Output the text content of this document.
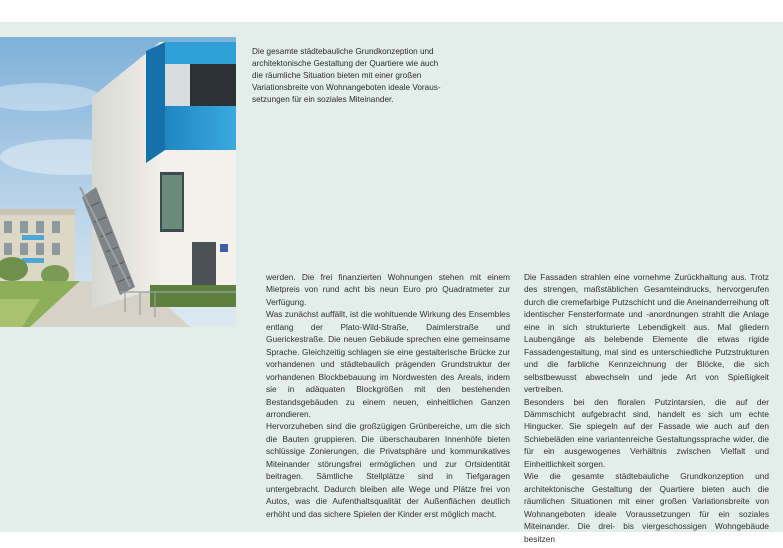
Die gesamte städtebauliche Grundkonzeption und

architektonische Gestaltung der Quartiere wie auch

die räumliche Situation bieten mit einer großen

Variationsbreite von Wohnangeboten ideale Voraus-

setzungen für ein soziales Miteinander.

werden. Die frei finanzierten Wohnungen stehen mit einem Mietpreis von rund acht bis neun Euro pro Quadratmeter zur Verfügung.

Was zunächst auffällt, ist die wohltuende Wirkung des Ensembles entlang der Plato-Wild-Straße, Daimlerstraße und Guerickestraße. Die neuen Gebäude sprechen eine gemeinsame Sprache. Gleichzeitig schlagen sie eine gestalterische Brücke zur vorhandenen und städtebaulich prägenden Grundstruktur der vorhandenen Blockbebauung im Nordwesten des Areals, indem sie in adäquaten Blockgrößen mit den bestehenden Bestandsgebäuden zu einem neuen, einheitlichen Ganzen arrondieren.

Hervorzuheben sind die großzügigen Grünbereiche, um die sich die Bauten gruppieren. Die überschaubaren Innenhöfe bieten schlüssige Zonierungen, die Privatsphäre und kommunikatives Miteinander störungsfrei ermöglichen und zur Ortsidentität beitragen. Sämtliche Stellplätze sind in Tiefgaragen untergebracht. Dadurch bleiben alle Wege und Plätze frei von Autos, was die Aufenthaltsqualität der Außenflächen deutlich erhöht und das sichere Spielen der Kinder erst möglich macht.

Die Fassaden strahlen eine vornehme Zurückhaltung aus. Trotz des strengen, maßstäblichen Gesamteindrucks, hervorgerufen durch die cremefarbige Putzschicht und die Aneinanderreihung oft identischer Fensterformate und -anordnungen strahlt die Anlage eine in sich strukturierte Lebendigkeit aus. Mal gliedern Laubengänge als belebende Elemente die etwas rigide Fassadengestaltung, mal sind es unterschiedliche Putzstrukturen und die farbliche Kennzeichnung der Blöcke, die sich selbstbewusst abwechseln und jede Art von Spießigkeit vertreiben.

Besonders bei den floralen Putzintarsien, die auf der Dämmschicht aufgebracht sind, handelt es sich um echte Hingucker. Sie spiegeln auf der Fassade wie auch auf den Schiebeläden eine variantenreiche Gestaltungssprache wider, die für ein ausgewogenes Verhältnis zwischen Vielfalt und Einheitlichkeit sorgen.

Wie die gesamte städtebauliche Grundkonzeption und architektonische Gestaltung der Quartiere bieten auch die räumlichen Situationen mit einer großen Variationsbreite von Wohnangeboten ideale Voraussetzungen für ein soziales Miteinander. Die drei- bis viergeschossigen Wohngebäude besitzen
